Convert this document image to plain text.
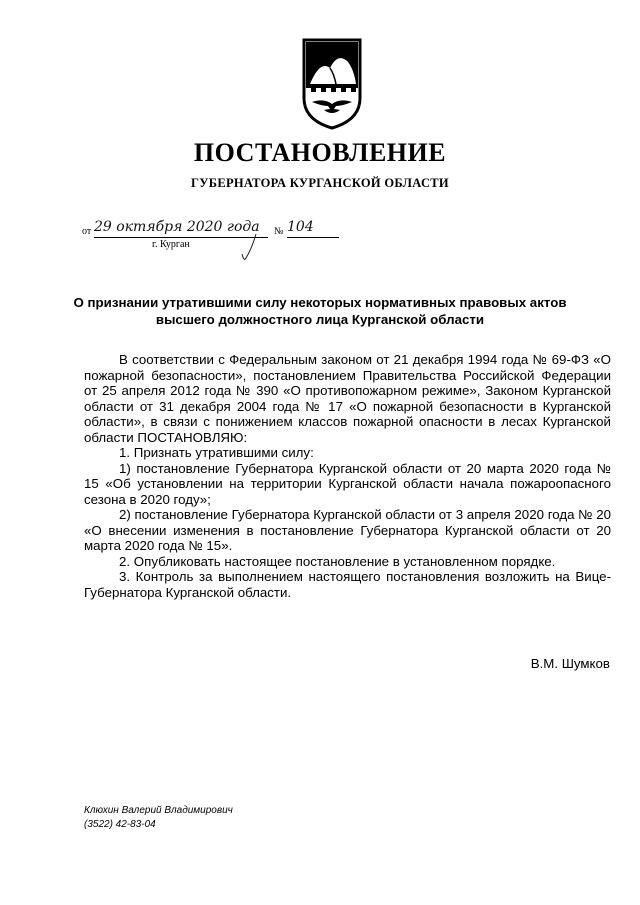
ПОСТАНОВЛЕНИЕ
ГУБЕРНАТОРА КУРГАНСКОЙ ОБЛАСТИ
от 29 октября 2020 года	№ 104
г. Курган
О признании утратившими силу некоторых нормативных правовых актов
высшего должностного лица Курганской области

В соответствии с Федеральным законом от 21 декабря 1994 года № 69-ФЗ «О пожарной безопасности», постановлением Правительства Российской Федерации от 25 апреля 2012 года № 390 «О противопожарном режиме», Законом Курганской области от 31 декабря 2004 года № 17 «О пожарной безопасности в Курганской области», в связи с понижением классов пожарной опасности в лесах Курганской области ПОСТАНОВЛЯЮ:

1. Признать утратившими силу:

1) постановление Губернатора Курганской области от 20 марта 2020 года № 15 «Об установлении на территории Курганской области начала пожароопасного сезона в 2020 году»;

2) постановление Губернатора Курганской области от 3 апреля 2020 года № 20 «О внесении изменения в постановление Губернатора Курганской области от 20 марта 2020 года № 15».

2. Опубликовать настоящее постановление в установленном порядке.

3. Контроль за выполнением настоящего постановления возложить на Вице-Губернатора Курганской области.

В.М. Шумков
Клюхин Валерий Владимирович
(3522) 42-83-04
